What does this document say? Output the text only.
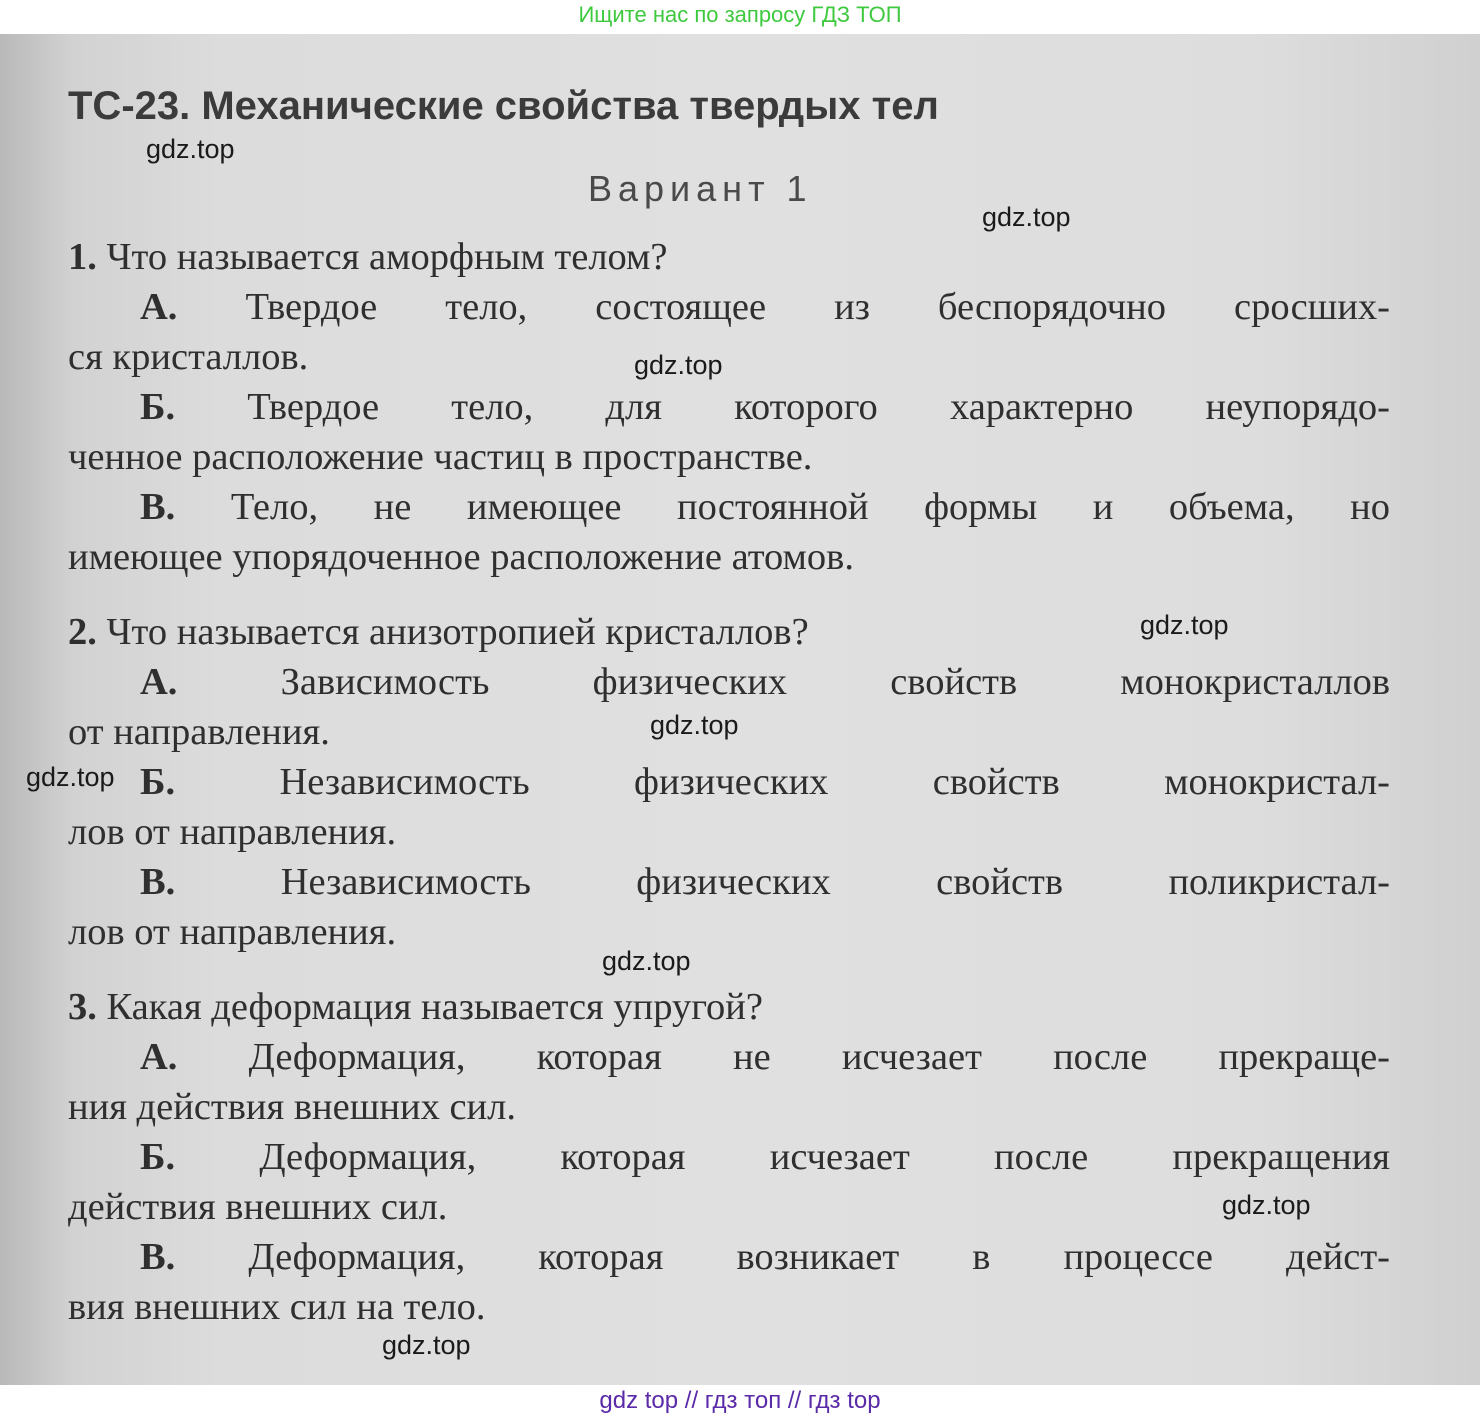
Ищите нас по запросу ГДЗ ТОП
ТС-23. Механические свойства твердых тел
Вариант 1
1. Что называется аморфным телом?
А. Твердое тело, состоящее из беспорядочно сросших-
ся кристаллов.
Б. Твердое тело, для которого характерно неупорядо-
ченное расположение частиц в пространстве.
В. Тело, не имеющее постоянной формы и объема, но
имеющее упорядоченное расположение атомов.
2. Что называется анизотропией кристаллов?
А.	Зависимость физических свойств монокристаллов
от направления.
Б.	Независимость физических свойств монокристал-
лов от направления.
В.	Независимость физических свойств поликристал-
лов от направления.
3. Какая деформация называется упругой?
А. Деформация, которая не исчезает после прекраще-
ния действия внешних сил.
Б. Деформация, которая исчезает после прекращения
действия внешних сил.
В. Деформация, которая возникает в процессе дейст-
вия внешних сил на тело.
gdz.top
gdz.top
gdz.top
gdz.top
gdz.top
gdz.top
gdz.top
gdz.top
gdz.top
gdz top // гдз топ // гдз top
